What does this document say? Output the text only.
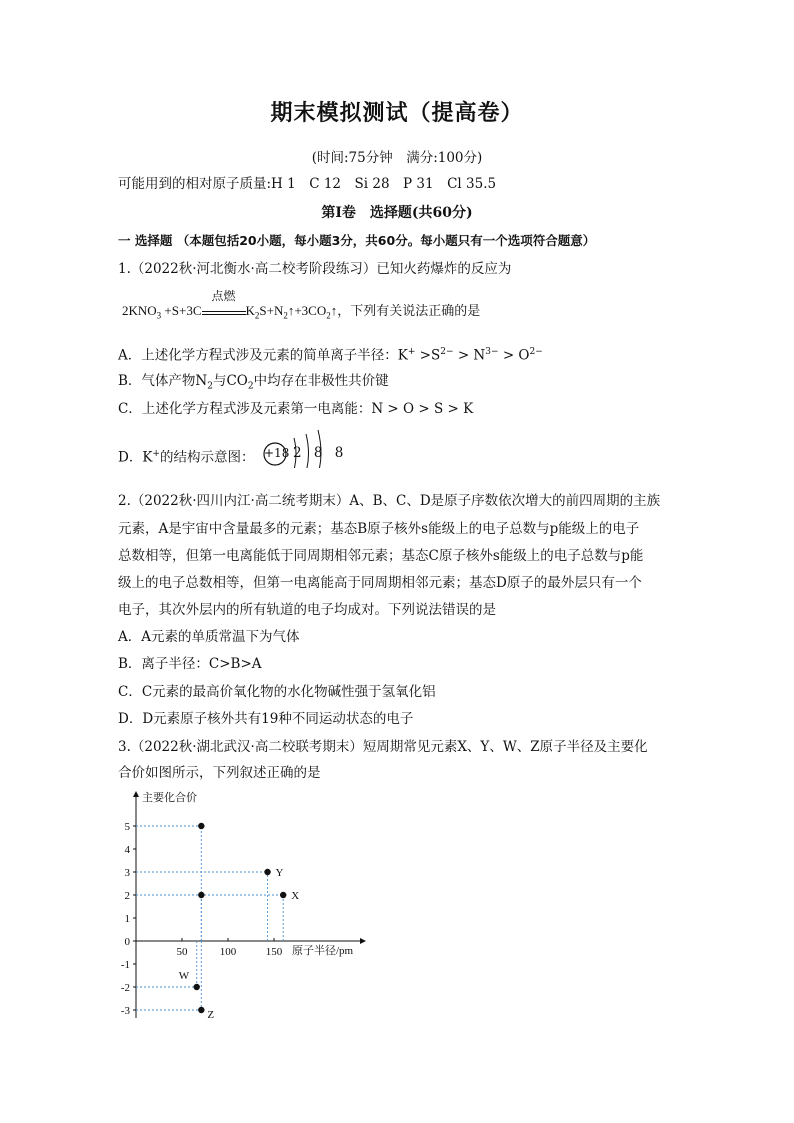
期末模拟测试（提高卷）
(时间:75分钟　满分:100分)
可能用到的相对原子质量:H 1　C 12　Si 28　P 31　Cl 35.5
第Ⅰ卷　选择题(共60分)
一 选择题 （本题包括20小题，每小题3分，共60分。每小题只有一个选项符合题意）
1.（2022秋·河北衡水·高二校考阶段练习）已知火药爆炸的反应为
$2KNO_3 +S+3C$
点燃
$K_2S+N_2↑+3CO_2↑$，下列有关说法正确的是
A．上述化学方程式涉及元素的简单离子半径：$K^+ >S^{2-} > N^{3-} > O^{2-}$
B．气体产物$N_2$与$CO_2$中均存在非极性共价键
C．上述化学方程式涉及元素第一电离能：N > O > S > K
D．K+的结构示意图： +18 2 8 8
2.（2022秋·四川内江·高二统考期末）A、B、C、D是原子序数依次增大的前四周期的主族
元素，A是宇宙中含量最多的元素；基态B原子核外s能级上的电子总数与p能级上的电子
总数相等，但第一电离能低于同周期相邻元素；基态C原子核外s能级上的电子总数与p能
级上的电子总数相等，但第一电离能高于同周期相邻元素；基态D原子的最外层只有一个
电子，其次外层内的所有轨道的电子均成对。下列说法错误的是
A．A元素的单质常温下为气体
B．离子半径：C>B>A
C．C元素的最高价氧化物的水化物碱性强于氢氧化铝
D．D元素原子核外共有19种不同运动状态的电子
3.（2022秋·湖北武汉·高二校联考期末）短周期常见元素X、Y、W、Z原子半径及主要化
合价如图所示，下列叙述正确的是
主要化合价
原子半径/pm
5
4
3
2
1
0
-1
-2
-3
50	100	150
Y
X
W
Z
